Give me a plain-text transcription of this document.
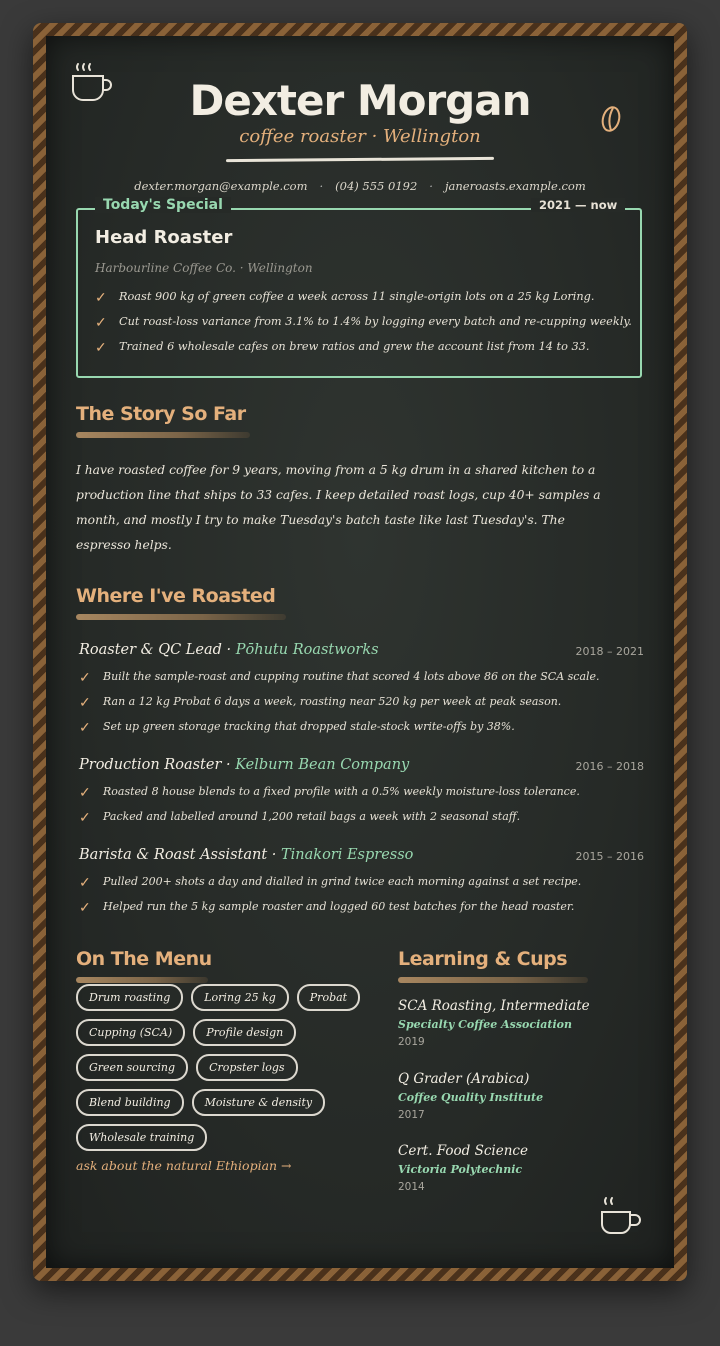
Dexter Morgan
coffee roaster · Wellington
dexter.morgan@example.com · (04) 555 0192 · janeroasts.example.com
Today's Special	2021 — now
Head Roaster
Harbourline Coffee Co. · Wellington
✓ Roast 900 kg of green coffee a week across 11 single-origin lots on a 25 kg Loring.
✓ Cut roast-loss variance from 3.1% to 1.4% by logging every batch and re-cupping weekly.
✓ Trained 6 wholesale cafes on brew ratios and grew the account list from 14 to 33.
The Story So Far
I have roasted coffee for 9 years, moving from a 5 kg drum in a shared kitchen to a production line that ships to 33 cafes. I keep detailed roast logs, cup 40+ samples a month, and mostly I try to make Tuesday's batch taste like last Tuesday's. The espresso helps.
Where I've Roasted
Roaster & QC Lead · Pōhutu Roastworks	2018 – 2021
✓ Built the sample-roast and cupping routine that scored 4 lots above 86 on the SCA scale.
✓ Ran a 12 kg Probat 6 days a week, roasting near 520 kg per week at peak season.
✓ Set up green storage tracking that dropped stale-stock write-offs by 38%.
Production Roaster · Kelburn Bean Company	2016 – 2018
✓ Roasted 8 house blends to a fixed profile with a 0.5% weekly moisture-loss tolerance.
✓ Packed and labelled around 1,200 retail bags a week with 2 seasonal staff.
Barista & Roast Assistant · Tinakori Espresso	2015 – 2016
✓ Pulled 200+ shots a day and dialled in grind twice each morning against a set recipe.
✓ Helped run the 5 kg sample roaster and logged 60 test batches for the head roaster.
On The Menu
Drum roasting	Loring 25 kg	Probat
Cupping (SCA)	Profile design
Green sourcing	Cropster logs
Blend building	Moisture & density
Wholesale training
ask about the natural Ethiopian →
Learning & Cups
SCA Roasting, Intermediate
Specialty Coffee Association
2019
Q Grader (Arabica)
Coffee Quality Institute
2017
Cert. Food Science
Victoria Polytechnic
2014
